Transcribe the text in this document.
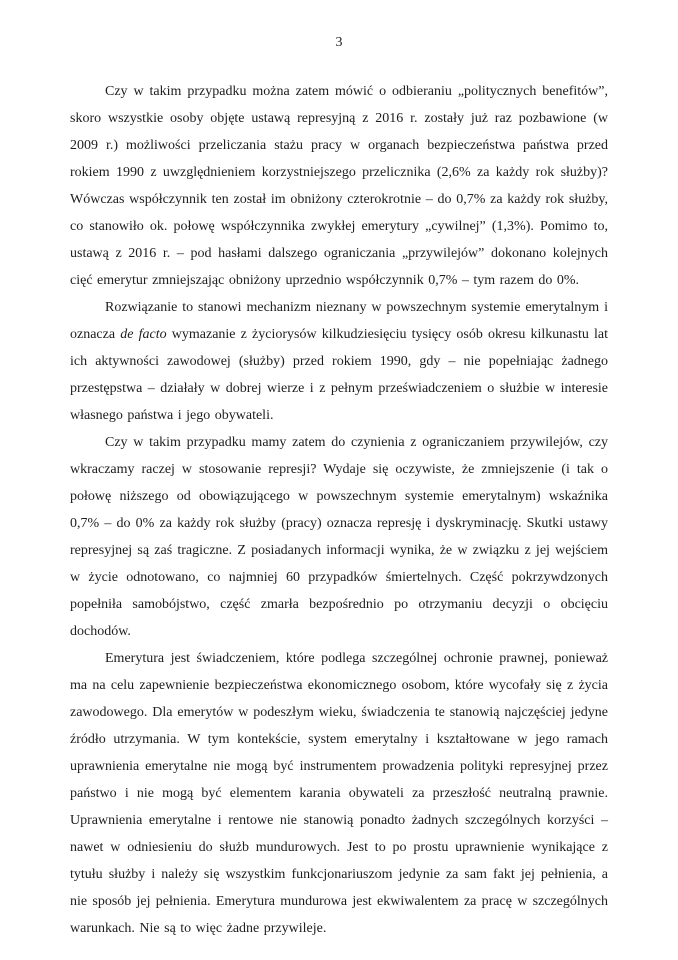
3

Czy w takim przypadku można zatem mówić o odbieraniu „politycznych benefitów”, skoro wszystkie osoby objęte ustawą represyjną z 2016 r. zostały już raz pozbawione (w 2009 r.) możliwości przeliczania stażu pracy w organach bezpieczeństwa państwa przed rokiem 1990 z uwzględnieniem korzystniejszego przelicznika (2,6% za każdy rok służby)? Wówczas współczynnik ten został im obniżony czterokrotnie – do 0,7% za każdy rok służby, co stanowiło ok. połowę współczynnika zwykłej emerytury „cywilnej” (1,3%). Pomimo to, ustawą z 2016 r. – pod hasłami dalszego ograniczania „przywilejów” dokonano kolejnych cięć emerytur zmniejszając obniżony uprzednio współczynnik 0,7% – tym razem do 0%.

Rozwiązanie to stanowi mechanizm nieznany w powszechnym systemie emerytalnym i oznacza de facto wymazanie z życiorysów kilkudziesięciu tysięcy osób okresu kilkunastu lat ich aktywności zawodowej (służby) przed rokiem 1990, gdy – nie popełniając żadnego przestępstwa – działały w dobrej wierze i z pełnym przeświadczeniem o służbie w interesie własnego państwa i jego obywateli.

Czy w takim przypadku mamy zatem do czynienia z ograniczaniem przywilejów, czy wkraczamy raczej w stosowanie represji? Wydaje się oczywiste, że zmniejszenie (i tak o połowę niższego od obowiązującego w powszechnym systemie emerytalnym) wskaźnika 0,7% – do 0% za każdy rok służby (pracy) oznacza represję i dyskryminację. Skutki ustawy represyjnej są zaś tragiczne. Z posiadanych informacji wynika, że w związku z jej wejściem w życie odnotowano, co najmniej 60 przypadków śmiertelnych. Część pokrzywdzonych popełniła samobójstwo, część zmarła bezpośrednio po otrzymaniu decyzji o obcięciu dochodów.

Emerytura jest świadczeniem, które podlega szczególnej ochronie prawnej, ponieważ ma na celu zapewnienie bezpieczeństwa ekonomicznego osobom, które wycofały się z życia zawodowego. Dla emerytów w podeszłym wieku, świadczenia te stanowią najczęściej jedyne źródło utrzymania. W tym kontekście, system emerytalny i kształtowane w jego ramach uprawnienia emerytalne nie mogą być instrumentem prowadzenia polityki represyjnej przez państwo i nie mogą być elementem karania obywateli za przeszłość neutralną prawnie. Uprawnienia emerytalne i rentowe nie stanowią ponadto żadnych szczególnych korzyści – nawet w odniesieniu do służb mundurowych. Jest to po prostu uprawnienie wynikające z tytułu służby i należy się wszystkim funkcjonariuszom jedynie za sam fakt jej pełnienia, a nie sposób jej pełnienia. Emerytura mundurowa jest ekwiwalentem za pracę w szczególnych warunkach. Nie są to więc żadne przywileje.
